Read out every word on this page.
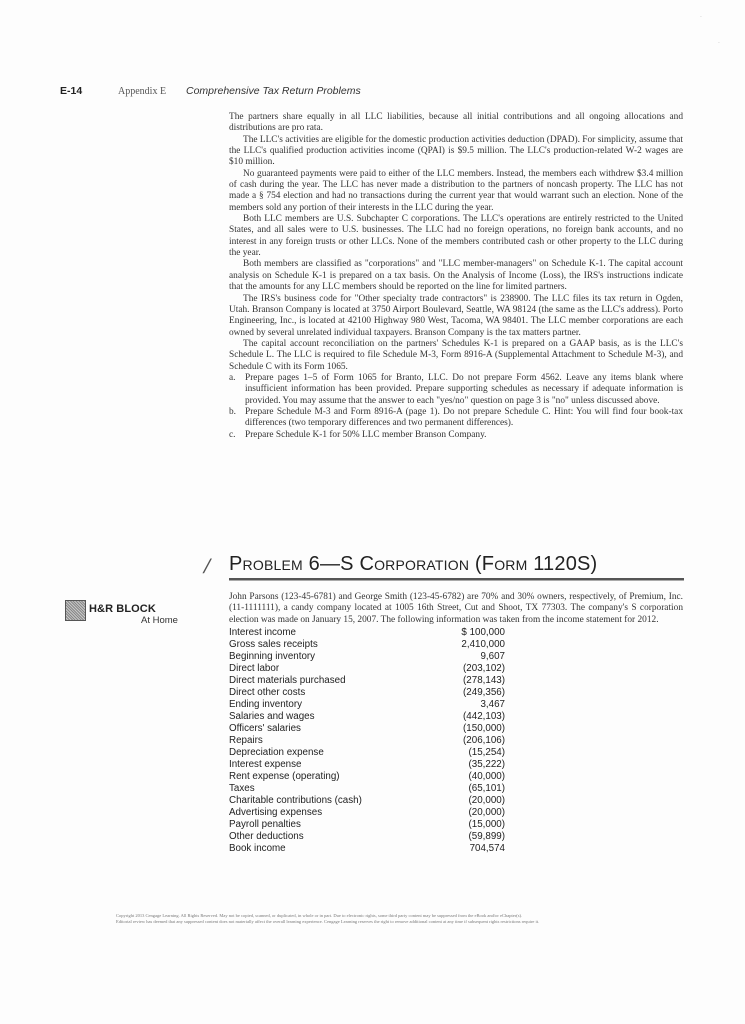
·
·
E-14	Appendix E	Comprehensive Tax Return Problems

The partners share equally in all LLC liabilities, because all initial contributions and all ongoing allocations and distributions are pro rata.

The LLC's activities are eligible for the domestic production activities deduction (DPAD). For simplicity, assume that the LLC's qualified production activities income (QPAI) is $9.5 million. The LLC's production-related W-2 wages are $10 million.

No guaranteed payments were paid to either of the LLC members. Instead, the members each withdrew $3.4 million of cash during the year. The LLC has never made a distribution to the partners of noncash property. The LLC has not made a § 754 election and had no transactions during the current year that would warrant such an election. None of the members sold any portion of their interests in the LLC during the year.

Both LLC members are U.S. Subchapter C corporations. The LLC's operations are entirely restricted to the United States, and all sales were to U.S. businesses. The LLC had no foreign operations, no foreign bank accounts, and no interest in any foreign trusts or other LLCs. None of the members contributed cash or other property to the LLC during the year.

Both members are classified as "corporations" and "LLC member-managers" on Schedule K-1. The capital account analysis on Schedule K-1 is prepared on a tax basis. On the Analysis of Income (Loss), the IRS's instructions indicate that the amounts for any LLC members should be reported on the line for limited partners.

The IRS's business code for "Other specialty trade contractors" is 238900. The LLC files its tax return in Ogden, Utah. Branson Company is located at 3750 Airport Boulevard, Seattle, WA 98124 (the same as the LLC's address). Porto Engineering, Inc., is located at 42100 Highway 980 West, Tacoma, WA 98401. The LLC member corporations are each owned by several unrelated individual taxpayers. Branson Company is the tax matters partner.

The capital account reconciliation on the partners' Schedules K-1 is prepared on a GAAP basis, as is the LLC's Schedule L. The LLC is required to file Schedule M-3, Form 8916-A (Supplemental Attachment to Schedule M-3), and Schedule C with its Form 1065.

a.	Prepare pages 1–5 of Form 1065 for Branto, LLC. Do not prepare Form 4562. Leave any items blank where insufficient information has been provided. Prepare supporting schedules as necessary if adequate information is provided. You may assume that the answer to each "yes/no" question on page 3 is "no" unless discussed above.
b. Prepare Schedule M-3 and Form 8916-A (page 1). Do not prepare Schedule C. Hint: You will find four book-tax differences (two temporary differences and two permanent differences).
c.	Prepare Schedule K-1 for 50% LLC member Branson Company.
/ Problem 6—S Corporation (Form 1120S)
H&R BLOCK
At Home
John Parsons (123-45-6781) and George Smith (123-45-6782) are 70% and 30% owners, respectively, of Premium, Inc. (11-1111111), a candy company located at 1005 16th Street, Cut and Shoot, TX 77303. The company's S corporation election was made on January 15, 2007. The following information was taken from the income statement for 2012.
Interest income	$ 100,000
Gross sales receipts	2,410,000
Beginning inventory	9,607
Direct labor	(203,102)
Direct materials purchased	(278,143)
Direct other costs	(249,356)
Ending inventory	3,467
Salaries and wages	(442,103)
Officers' salaries	(150,000)
Repairs	(206,106)
Depreciation expense	(15,254)
Interest expense	(35,222)
Rent expense (operating)	(40,000)
Taxes	(65,101)
Charitable contributions (cash)	(20,000)
Advertising expenses	(20,000)
Payroll penalties	(15,000)
Other deductions	(59,899)
Book income	704,574
Copyright 2013 Cengage Learning. All Rights Reserved. May not be copied, scanned, or duplicated, in whole or in part. Due to electronic rights, some third party content may be suppressed from the eBook and/or eChapter(s).
Editorial review has deemed that any suppressed content does not materially affect the overall learning experience. Cengage Learning reserves the right to remove additional content at any time if subsequent rights restrictions require it.
